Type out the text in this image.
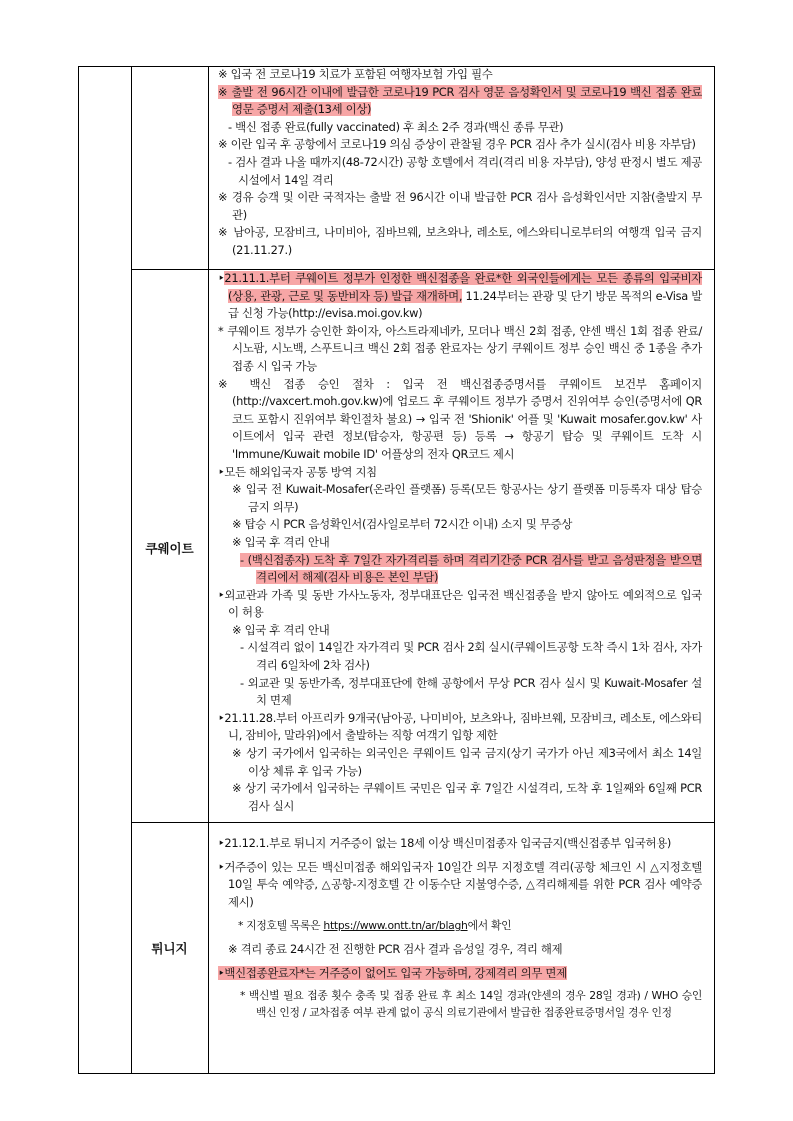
※ 입국 전 코로나19 치료가 포함된 여행자보험 가입 필수

※ 출발 전 96시간 이내에 발급한 코로나19 PCR 검사 영문 음성확인서 및 코로나19 백신 접종 완료 영문 증명서 제출(13세 이상)

- 백신 접종 완료(fully vaccinated) 후 최소 2주 경과(백신 종류 무관)

※ 이란 입국 후 공항에서 코로나19 의심 증상이 관찰될 경우 PCR 검사 추가 실시(검사 비용 자부담)

- 검사 결과 나올 때까지(48-72시간) 공항 호텔에서 격리(격리 비용 자부담), 양성 판정시 별도 제공 시설에서 14일 격리

※ 경유 승객 및 이란 국적자는 출발 전 96시간 이내 발급한 PCR 검사 음성확인서만 지참(출발지 무관)

※ 남아공, 모잠비크, 나미비아, 짐바브웨, 보츠와나, 레소토, 에스와티니로부터의 여행객 입국 금지(21.11.27.)

쿠웨이트

‣21.11.1.부터 쿠웨이트 정부가 인정한 백신접종을 완료*한 외국인들에게는 모든 종류의 입국비자(상용, 관광, 근로 및 동반비자 등) 발급 재개하며, 11.24부터는 관광 및 단기 방문 목적의 e-Visa 발급 신청 가능(http://evisa.moi.gov.kw)

* 쿠웨이트 정부가 승인한 화이자, 아스트라제네카, 모더나 백신 2회 접종, 얀센 백신 1회 접종 완료/ 시노팜, 시노백, 스푸트니크 백신 2회 접종 완료자는 상기 쿠웨이트 정부 승인 백신 중 1종을 추가접종 시 입국 가능

※ 백신 접종 승인 절차 : 입국 전 백신접종증명서를 쿠웨이트 보건부 홈페이지(http://vaxcert.moh.gov.kw)에 업로드 후 쿠웨이트 정부가 증명서 진위여부 승인(증명서에 QR코드 포함시 진위여부 확인절차 불요) → 입국 전 'Shionik' 어플 및 'Kuwait mosafer.gov.kw' 사이트에서 입국 관련 정보(탑승자, 항공편 등) 등록 → 항공기 탑승 및 쿠웨이트 도착 시 'Immune/Kuwait mobile ID' 어플상의 전자 QR코드 제시

‣모든 해외입국자 공통 방역 지침

※ 입국 전 Kuwait-Mosafer(온라인 플랫폼) 등록(모든 항공사는 상기 플랫폼 미등록자 대상 탑승 금지 의무)

※ 탑승 시 PCR 음성확인서(검사일로부터 72시간 이내) 소지 및 무증상

※ 입국 후 격리 안내

- (백신접종자) 도착 후 7일간 자가격리를 하며 격리기간중 PCR 검사를 받고 음성판정을 받으면 격리에서 해제(검사 비용은 본인 부담)

‣외교관과 가족 및 동반 가사노동자, 정부대표단은 입국전 백신접종을 받지 않아도 예외적으로 입국이 허용

※ 입국 후 격리 안내

- 시설격리 없이 14일간 자가격리 및 PCR 검사 2회 실시(쿠웨이트공항 도착 즉시 1차 검사, 자가격리 6일차에 2차 검사)

- 외교관 및 동반가족, 정부대표단에 한해 공항에서 무상 PCR 검사 실시 및 Kuwait-Mosafer 설치 면제

‣21.11.28.부터 아프리카 9개국(남아공, 나미비아, 보츠와나, 짐바브웨, 모잠비크, 레소토, 에스와티니, 잠비아, 말라위)에서 출발하는 직항 여객기 입항 제한

※ 상기 국가에서 입국하는 외국인은 쿠웨이트 입국 금지(상기 국가가 아닌 제3국에서 최소 14일 이상 체류 후 입국 가능)

※ 상기 국가에서 입국하는 쿠웨이트 국민은 입국 후 7일간 시설격리, 도착 후 1일째와 6일째 PCR 검사 실시

튀니지

‣21.12.1.부로 튀니지 거주증이 없는 18세 이상 백신미접종자 입국금지(백신접종부 입국허용)

‣거주증이 있는 모든 백신미접종 해외입국자 10일간 의무 지정호텔 격리(공항 체크인 시 △지정호텔 10일 투숙 예약증, △공항-지정호텔 간 이동수단 지불영수증, △격리해제를 위한 PCR 검사 예약증 제시)

* 지정호텔 목록은 https://www.ontt.tn/ar/blagh에서 확인

※ 격리 종료 24시간 전 진행한 PCR 검사 결과 음성일 경우, 격리 해제

‣백신접종완료자*는 거주증이 없어도 입국 가능하며, 강제격리 의무 면제

* 백신별 필요 접종 횟수 충족 및 접종 완료 후 최소 14일 경과(얀센의 경우 28일 경과) / WHO 승인 백신 인정 / 교차접종 여부 관계 없이 공식 의료기관에서 발급한 접종완료증명서일 경우 인정
